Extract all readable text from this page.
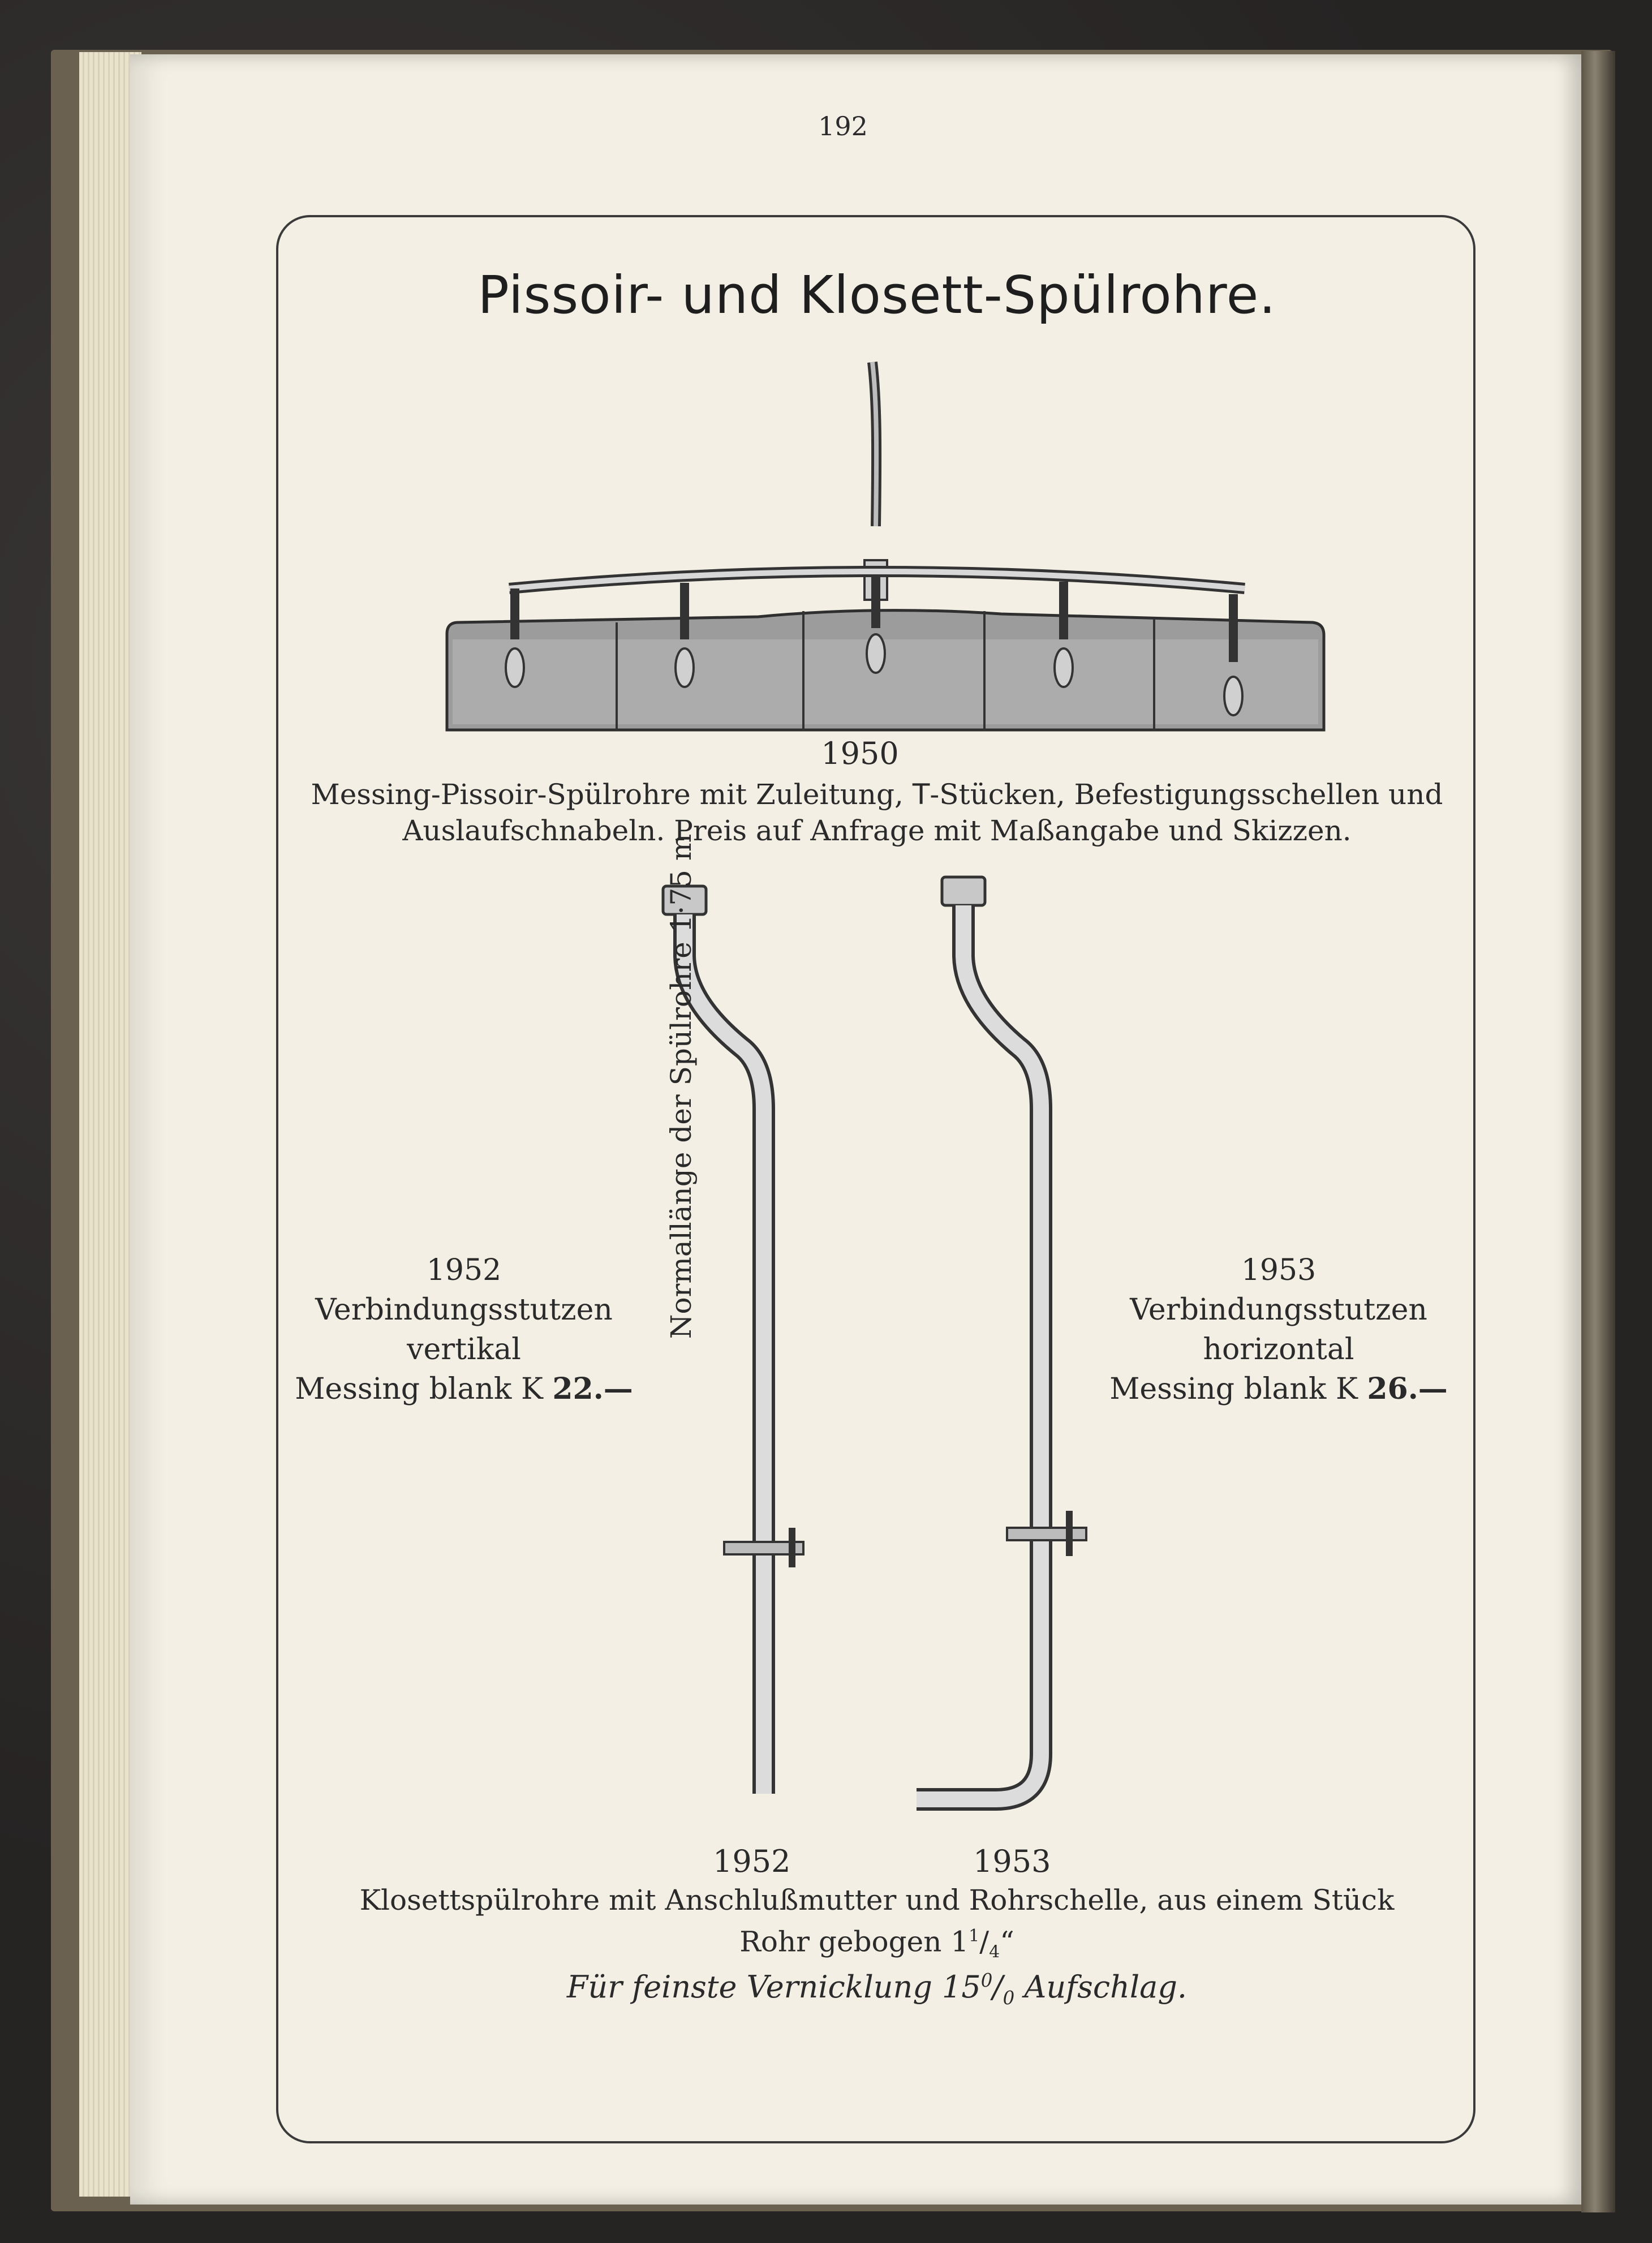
192
Pissoir- und Klosett-Spülrohre.
1950
Messing-Pissoir-Spülrohre mit Zuleitung, T-Stücken, Befestigungsschellen und
Auslaufschnabeln. Preis auf Anfrage mit Maßangabe und Skizzen.
Normallänge der Spülrohre 1·75 m
1952
Verbindungsstutzen
vertikal
Messing blank K 22.—
1953
Verbindungsstutzen
horizontal
Messing blank K 26.—
1952	1953
Klosettspülrohre mit Anschlußmutter und Rohrschelle, aus einem Stück
Rohr gebogen $1^1/_4“$
Für feinste Vernicklung $15^0/_0$ Aufschlag.
